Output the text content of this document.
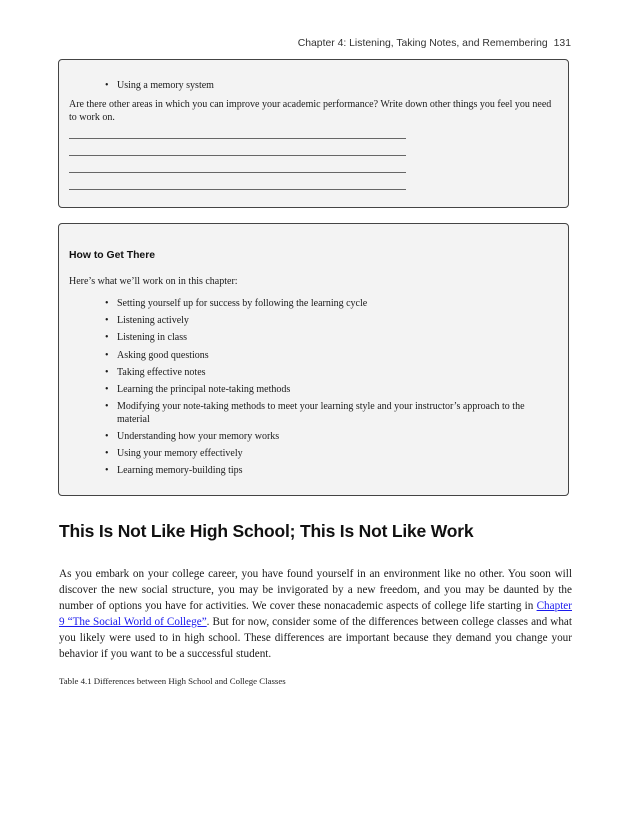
Chapter 4: Listening, Taking Notes, and Remembering 131
• Using a memory system

Are there other areas in which you can improve your academic performance? Write down other things you feel you need to work on.

How to Get There

Here’s what we’ll work on in this chapter:

• Setting yourself up for success by following the learning cycle
• Listening actively
• Listening in class
• Asking good questions
• Taking effective notes
• Learning the principal note-taking methods
• Modifying your note-taking methods to meet your learning style and your instructor’s approach to the material
• Understanding how your memory works
• Using your memory effectively
• Learning memory-building tips
This Is Not Like High School; This Is Not Like Work

As you embark on your college career, you have found yourself in an environment like no other. You soon will discover the new social structure, you may be invigorated by a new freedom, and you may be daunted by the number of options you have for activities. We cover these nonacademic aspects of college life starting in Chapter 9 “The Social World of College”. But for now, consider some of the differences between college classes and what you likely were used to in high school. These differences are important because they demand you change your behavior if you want to be a successful student.

Table 4.1 Differences between High School and College Classes
